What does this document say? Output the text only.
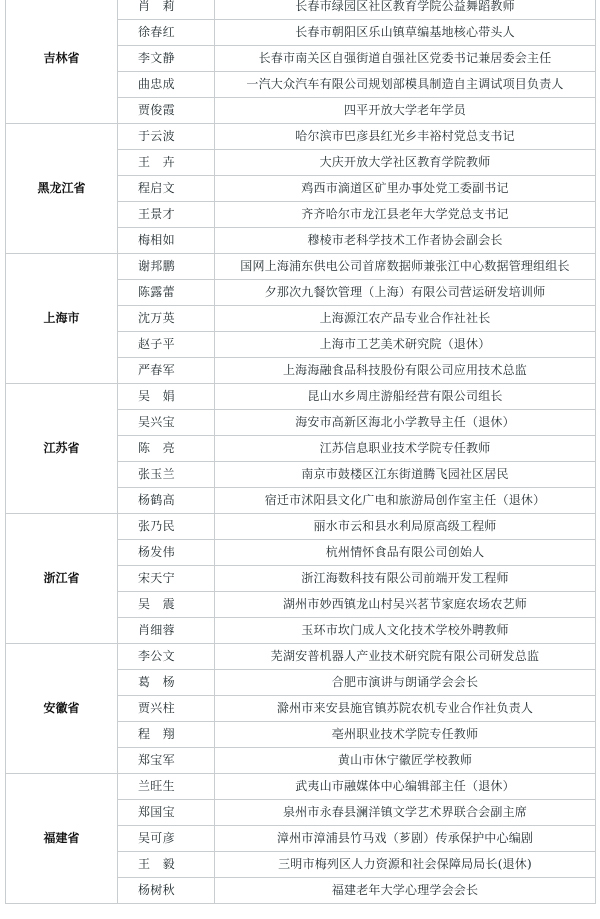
吉林省	肖　莉	长春市绿园区社区教育学院公益舞蹈教师
	徐春红	长春市朝阳区乐山镇草编基地核心带头人
	李文静	长春市南关区自强街道自强社区党委书记兼居委会主任
	曲忠成	一汽大众汽车有限公司规划部模具制造自主调试项目负责人
	贾俊霞	四平开放大学老年学员
黑龙江省	于云波	哈尔滨市巴彦县红光乡丰裕村党总支书记
	王　卉	大庆开放大学社区教育学院教师
	程启文	鸡西市滴道区矿里办事处党工委副书记
	王景才	齐齐哈尔市龙江县老年大学党总支书记
	梅相如	穆棱市老科学技术工作者协会副会长
上海市	谢邦鹏	国网上海浦东供电公司首席数据师兼张江中心数据管理组组长
	陈露蕾	夕那次九餐饮管理（上海）有限公司营运研发培训师
	沈万英	上海源江农产品专业合作社社长
	赵子平	上海市工艺美术研究院（退休）
	严春军	上海海融食品科技股份有限公司应用技术总监
江苏省	吴　娟	昆山水乡周庄游船经营有限公司组长
	吴兴宝	海安市高新区海北小学教导主任（退休）
	陈　亮	江苏信息职业技术学院专任教师
	张玉兰	南京市鼓楼区江东街道腾飞园社区居民
	杨鹤高	宿迁市沭阳县文化广电和旅游局创作室主任（退休）
浙江省	张乃民	丽水市云和县水利局原高级工程师
	杨发伟	杭州情怀食品有限公司创始人
	宋天宁	浙江海数科技有限公司前端开发工程师
	吴　震	湖州市妙西镇龙山村吴兴茗节家庭农场农艺师
	肖细蓉	玉环市坎门成人文化技术学校外聘教师
安徽省	李公文	芜湖安普机器人产业技术研究院有限公司研发总监
	葛　杨	合肥市演讲与朗诵学会会长
	贾兴柱	滁州市来安县施官镇苏院农机专业合作社负责人
	程　翔	亳州职业技术学院专任教师
	郑宝军	黄山市休宁徽匠学校教师
福建省	兰旺生	武夷山市融媒体中心编辑部主任（退休）
	郑国宝	泉州市永春县澜洋镇文学艺术界联合会副主席
	吴可彦	漳州市漳浦县竹马戏（芗剧）传承保护中心编剧
	王　毅	三明市梅列区人力资源和社会保障局局长(退休)
	杨树秋	福建老年大学心理学会会长
